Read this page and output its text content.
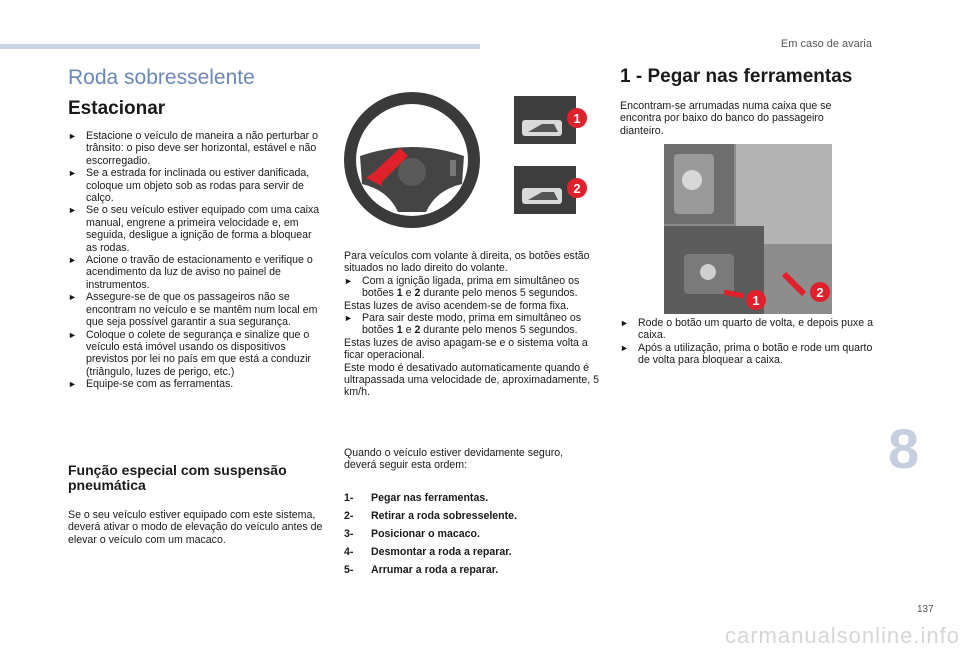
Em caso de avaria
Roda sobresselente
Estacionar

► Estacione o veículo de maneira a não perturbar o trânsito: o piso deve ser horizontal, estável e não escorregadio.

► Se a estrada for inclinada ou estiver danificada, coloque um objeto sob as rodas para servir de calço.

► Se o seu veículo estiver equipado com uma caixa manual, engrene a primeira velocidade e, em seguida, desligue a ignição de forma a bloquear as rodas.

► Acione o travão de estacionamento e verifique o acendimento da luz de aviso no painel de instrumentos.

► Assegure-se de que os passageiros não se encontram no veículo e se mantêm num local em que seja possível garantir a sua segurança.

► Coloque o colete de segurança e sinalize que o veículo está imóvel usando os dispositivos previstos por lei no país em que está a conduzir (triângulo, luzes de perigo, etc.)

► Equipe-se com as ferramentas.

Função especial com suspensão pneumática
Se o seu veículo estiver equipado com este sistema, deverá ativar o modo de elevação do veículo antes de elevar o veículo com um macaco.
1
2

Para veículos com volante à direita, os botões estão situados no lado direito do volante.

► Com a ignição ligada, prima em simultâneo os botões 1 e 2 durante pelo menos 5 segundos.

Estas luzes de aviso acendem-se de forma fixa.

► Para sair deste modo, prima em simultâneo os botões 1 e 2 durante pelo menos 5 segundos.

Estas luzes de aviso apagam-se e o sistema volta a ficar operacional.

Este modo é desativado automaticamente quando é ultrapassada uma velocidade de, aproximadamente, 5 km/h.

Quando o veículo estiver devidamente seguro, deverá seguir esta ordem:
1-	Pegar nas ferramentas.
2-	Retirar a roda sobresselente.
3-	Posicionar o macaco.
4-	Desmontar a roda a reparar.
5-	Arrumar a roda a reparar.
1 - Pegar nas ferramentas
Encontram-se arrumadas numa caixa que se encontra por baixo do banco do passageiro dianteiro.
1
2

► Rode o botão um quarto de volta, e depois puxe a caixa.

► Após a utilização, prima o botão e rode um quarto de volta para bloquear a caixa.

8
137
carmanualsonline.info
